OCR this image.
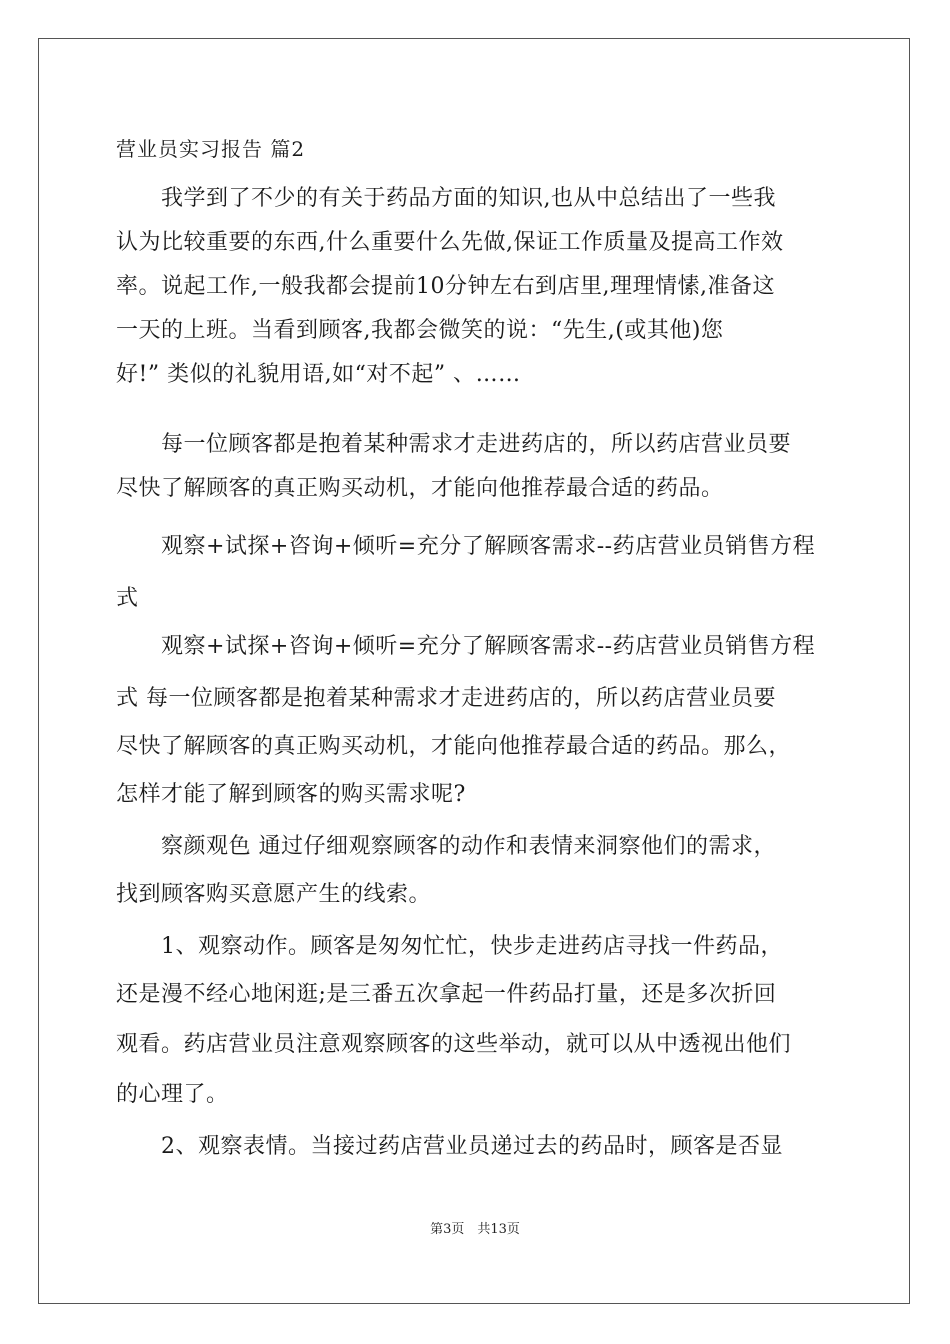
营业员实习报告 篇2
　　我学到了不少的有关于药品方面的知识,也从中总结出了一些我
认为比较重要的东西,什么重要什么先做,保证工作质量及提高工作效
率。说起工作,一般我都会提前10分钟左右到店里,理理情愫,准备这
一天的上班。当看到顾客,我都会微笑的说：“先生,(或其他)您
好!” 类似的礼貌用语,如“对不起” 、……
　　每一位顾客都是抱着某种需求才走进药店的，所以药店营业员要
尽快了解顾客的真正购买动机，才能向他推荐最合适的药品。
　　观察+试探+咨询+倾听=充分了解顾客需求--药店营业员销售方程
式
　　观察+试探+咨询+倾听=充分了解顾客需求--药店营业员销售方程
式 每一位顾客都是抱着某种需求才走进药店的，所以药店营业员要
尽快了解顾客的真正购买动机，才能向他推荐最合适的药品。那么，
怎样才能了解到顾客的购买需求呢?
　　察颜观色 通过仔细观察顾客的动作和表情来洞察他们的需求，
找到顾客购买意愿产生的线索。
　　1、观察动作。顾客是匆匆忙忙，快步走进药店寻找一件药品，
还是漫不经心地闲逛;是三番五次拿起一件药品打量，还是多次折回
观看。药店营业员注意观察顾客的这些举动，就可以从中透视出他们
的心理了。
　　2、观察表情。当接过药店营业员递过去的药品时，顾客是否显
第3页　共13页
